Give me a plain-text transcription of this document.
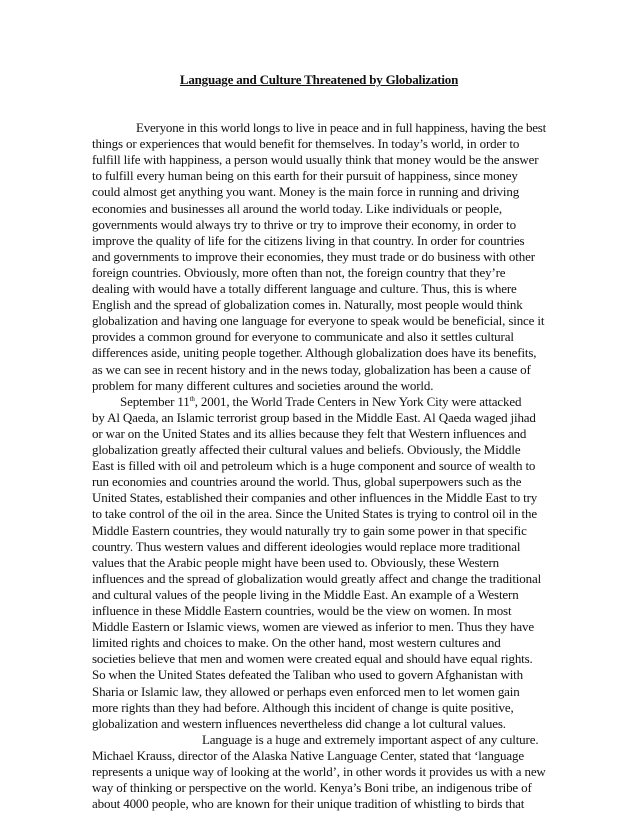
Language and Culture Threatened by Globalization
Everyone in this world longs to live in peace and in full happiness, having the best
things or experiences that would benefit for themselves. In today’s world, in order to
fulfill life with happiness, a person would usually think that money would be the answer
to fulfill every human being on this earth for their pursuit of happiness, since money
could almost get anything you want. Money is the main force in running and driving
economies and businesses all around the world today. Like individuals or people,
governments would always try to thrive or try to improve their economy, in order to
improve the quality of life for the citizens living in that country. In order for countries
and governments to improve their economies, they must trade or do business with other
foreign countries. Obviously, more often than not, the foreign country that they’re
dealing with would have a totally different language and culture. Thus, this is where
English and the spread of globalization comes in. Naturally, most people would think
globalization and having one language for everyone to speak would be beneficial, since it
provides a common ground for everyone to communicate and also it settles cultural
differences aside, uniting people together. Although globalization does have its benefits,
as we can see in recent history and in the news today, globalization has been a cause of
problem for many different cultures and societies around the world.
September 11th, 2001, the World Trade Centers in New York City were attacked
by Al Qaeda, an Islamic terrorist group based in the Middle East. Al Qaeda waged jihad
or war on the United States and its allies because they felt that Western influences and
globalization greatly affected their cultural values and beliefs. Obviously, the Middle
East is filled with oil and petroleum which is a huge component and source of wealth to
run economies and countries around the world. Thus, global superpowers such as the
United States, established their companies and other influences in the Middle East to try
to take control of the oil in the area. Since the United States is trying to control oil in the
Middle Eastern countries, they would naturally try to gain some power in that specific
country. Thus western values and different ideologies would replace more traditional
values that the Arabic people might have been used to. Obviously, these Western
influences and the spread of globalization would greatly affect and change the traditional
and cultural values of the people living in the Middle East. An example of a Western
influence in these Middle Eastern countries, would be the view on women. In most
Middle Eastern or Islamic views, women are viewed as inferior to men. Thus they have
limited rights and choices to make. On the other hand, most western cultures and
societies believe that men and women were created equal and should have equal rights.
So when the United States defeated the Taliban who used to govern Afghanistan with
Sharia or Islamic law, they allowed or perhaps even enforced men to let women gain
more rights than they had before. Although this incident of change is quite positive,
globalization and western influences nevertheless did change a lot cultural values.
Language is a huge and extremely important aspect of any culture.
Michael Krauss, director of the Alaska Native Language Center, stated that ‘language
represents a unique way of looking at the world’, in other words it provides us with a new
way of thinking or perspective on the world. Kenya’s Boni tribe, an indigenous tribe of
about 4000 people, who are known for their unique tradition of whistling to birds that
